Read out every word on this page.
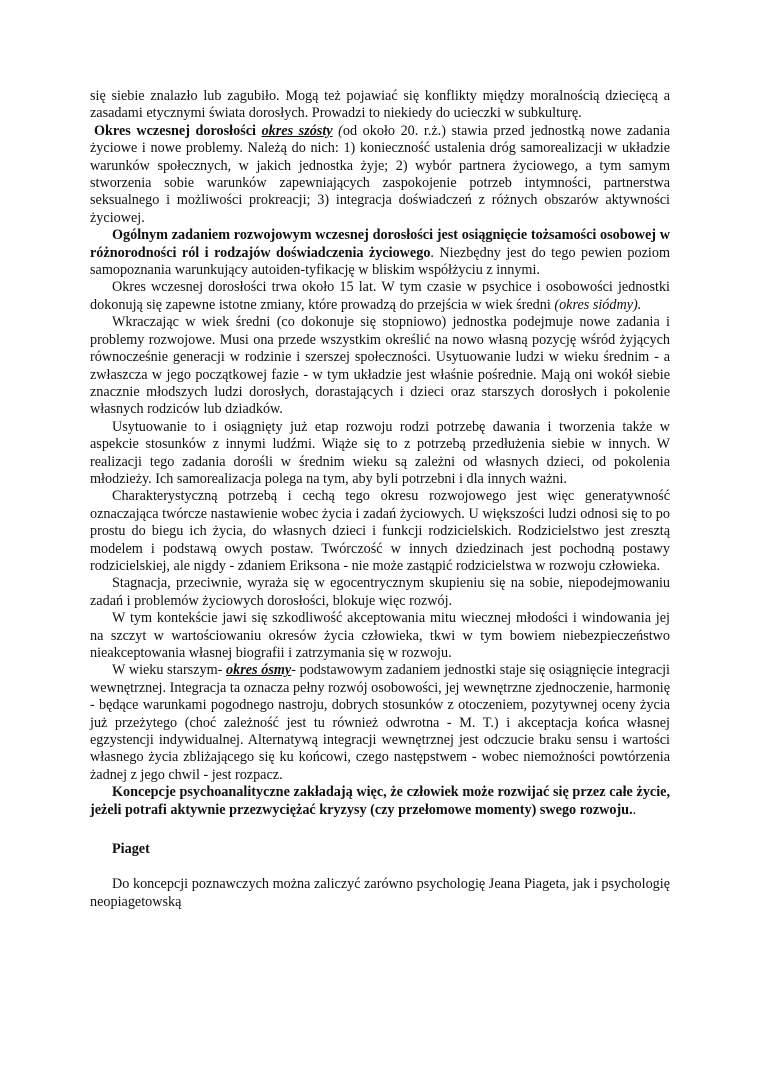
się siebie znalazło lub zagubiło. Mogą też pojawiać się konflikty między moralnością dziecięcą a zasadami etycznymi świata dorosłych. Prowadzi to niekiedy do ucieczki w subkulturę.

Okres wczesnej dorosłości okres szósty (od około 20. r.ż.) stawia przed jednostką nowe zadania życiowe i nowe problemy. Należą do nich: 1) konieczność ustalenia dróg samorealizacji w układzie warunków społecznych, w jakich jednostka żyje; 2) wybór partnera życiowego, a tym samym stworzenia sobie warunków zapewniających zaspokojenie potrzeb intymności, partnerstwa seksualnego i możliwości prokreacji; 3) integracja doświadczeń z różnych obszarów aktywności życiowej.

Ogólnym zadaniem rozwojowym wczesnej dorosłości jest osiągnięcie tożsamości osobowej w różnorodności ról i rodzajów doświadczenia życiowego. Niezbędny jest do tego pewien poziom samopoznania warunkujący autoiden-tyfikację w bliskim współżyciu z innymi.

Okres wczesnej dorosłości trwa około 15 lat. W tym czasie w psychice i osobowości jednostki dokonują się zapewne istotne zmiany, które prowadzą do przejścia w wiek średni (okres siódmy).

Wkraczając w wiek średni (co dokonuje się stopniowo) jednostka podejmuje nowe zadania i problemy rozwojowe. Musi ona przede wszystkim określić na nowo własną pozycję wśród żyjących równocześnie generacji w rodzinie i szerszej społeczności. Usytuowanie ludzi w wieku średnim - a zwłaszcza w jego początkowej fazie - w tym układzie jest właśnie pośrednie. Mają oni wokół siebie znacznie młodszych ludzi dorosłych, dorastających i dzieci oraz starszych dorosłych i pokolenie własnych rodziców lub dziadków.

Usytuowanie to i osiągnięty już etap rozwoju rodzi potrzebę dawania i tworzenia także w aspekcie stosunków z innymi ludźmi. Wiąże się to z potrzebą przedłużenia siebie w innych. W realizacji tego zadania dorośli w średnim wieku są zależni od własnych dzieci, od pokolenia młodzieży. Ich samorealizacja polega na tym, aby byli potrzebni i dla innych ważni.

Charakterystyczną potrzebą i cechą tego okresu rozwojowego jest więc generatywność oznaczająca twórcze nastawienie wobec życia i zadań życiowych. U większości ludzi odnosi się to po prostu do biegu ich życia, do własnych dzieci i funkcji rodzicielskich. Rodzicielstwo jest zresztą modelem i podstawą owych postaw. Twórczość w innych dziedzinach jest pochodną postawy rodzicielskiej, ale nigdy - zdaniem Eriksona - nie może zastąpić rodzicielstwa w rozwoju człowieka.

Stagnacja, przeciwnie, wyraża się w egocentrycznym skupieniu się na sobie, niepodejmowaniu zadań i problemów życiowych dorosłości, blokuje więc rozwój.

W tym kontekście jawi się szkodliwość akceptowania mitu wiecznej młodości i windowania jej na szczyt w wartościowaniu okresów życia człowieka, tkwi w tym bowiem niebezpieczeństwo nieakceptowania własnej biografii i zatrzymania się w rozwoju.

W wieku starszym- okres ósmy- podstawowym zadaniem jednostki staje się osiągnięcie integracji wewnętrznej. Integracja ta oznacza pełny rozwój osobowości, jej wewnętrzne zjednoczenie, harmonię - będące warunkami pogodnego nastroju, dobrych stosunków z otoczeniem, pozytywnej oceny życia już przeżytego (choć zależność jest tu również odwrotna - M. T.) i akceptacja końca własnej egzystencji indywidualnej. Alternatywą integracji wewnętrznej jest odczucie braku sensu i wartości własnego życia zbliżającego się ku końcowi, czego następstwem - wobec niemożności powtórzenia żadnej z jego chwil - jest rozpacz.

Koncepcje psychoanalityczne zakładają więc, że człowiek może rozwijać się przez całe życie, jeżeli potrafi aktywnie przezwyciężać kryzysy (czy przełomowe momenty) swego rozwoju..

Piaget

Do koncepcji poznawczych można zaliczyć zarówno psychologię Jeana Piageta, jak i psychologię neopiagetowską
